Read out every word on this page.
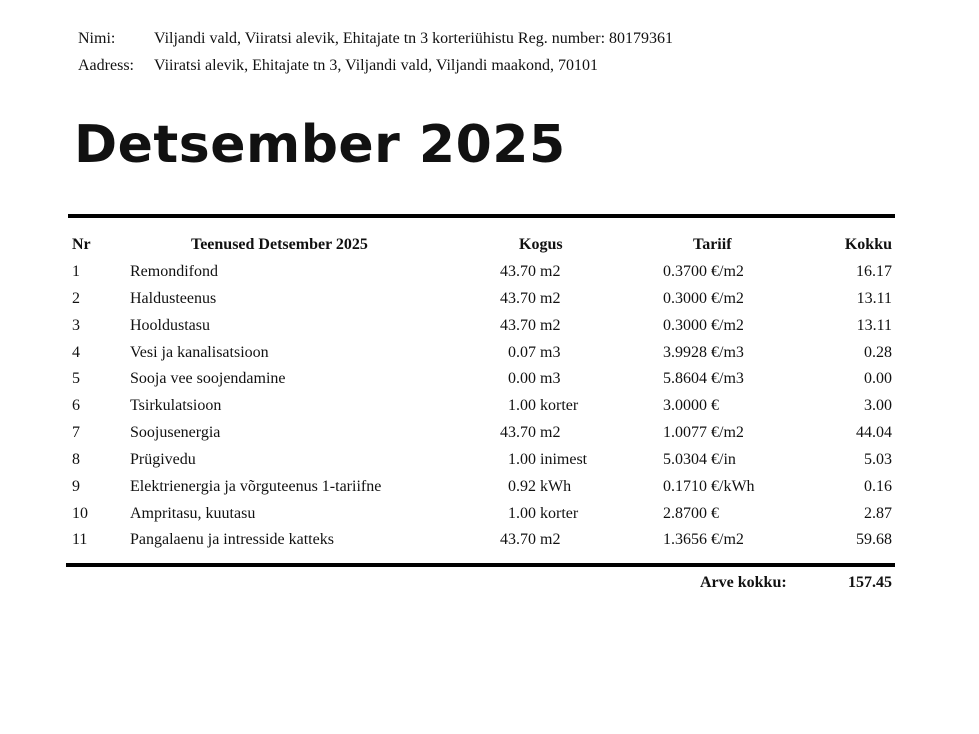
Nimi: Viljandi vald, Viiratsi alevik, Ehitajate tn 3 korteriühistu Reg. number: 80179361
Aadress: Viiratsi alevik, Ehitajate tn 3, Viljandi vald, Viljandi maakond, 70101
Detsember 2025
Nr	Teenused Detsember 2025	Kogus	Tariif	Kokku
1	Remondifond	43.70 m2	0.3700 €/m2	16.17
2	Haldusteenus	43.70 m2	0.3000 €/m2	13.11
3	Hooldustasu	43.70 m2	0.3000 €/m2	13.11
4	Vesi ja kanalisatsioon	0.07 m3	3.9928 €/m3	0.28
5	Sooja vee soojendamine	0.00 m3	5.8604 €/m3	0.00
6	Tsirkulatsioon	1.00 korter	3.0000 €	3.00
7	Soojusenergia	43.70 m2	1.0077 €/m2	44.04
8	Prügivedu	1.00 inimest	5.0304 €/in	5.03
9	Elektrienergia ja võrguteenus 1-tariifne	0.92 kWh	0.1710 €/kWh	0.16
10	Ampritasu, kuutasu	1.00 korter	2.8700 €	2.87
11	Pangalaenu ja intresside katteks	43.70 m2	1.3656 €/m2	59.68
Arve kokku:	157.45
